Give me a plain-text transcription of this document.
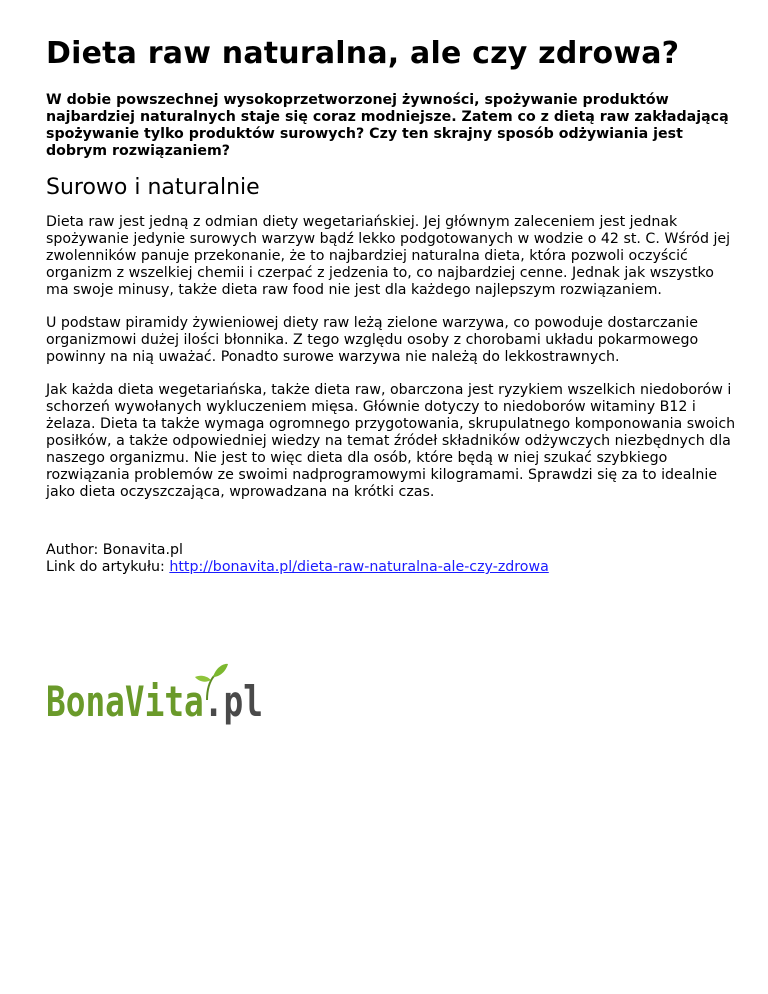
Dieta raw naturalna, ale czy zdrowa?

W dobie powszechnej wysokoprzetworzonej żywności, spożywanie produktów najbardziej naturalnych staje się coraz modniejsze. Zatem co z dietą raw zakładającą spożywanie tylko produktów surowych? Czy ten skrajny sposób odżywiania jest dobrym rozwiązaniem?

Surowo i naturalnie

Dieta raw jest jedną z odmian diety wegetariańskiej. Jej głównym zaleceniem jest jednak spożywanie jedynie surowych warzyw bądź lekko podgotowanych w wodzie o 42 st. C. Wśród jej zwolenników panuje przekonanie, że to najbardziej naturalna dieta, która pozwoli oczyścić organizm z wszelkiej chemii i czerpać z jedzenia to, co najbardziej cenne. Jednak jak wszystko ma swoje minusy, także dieta raw food nie jest dla każdego najlepszym rozwiązaniem.

U podstaw piramidy żywieniowej diety raw leżą zielone warzywa, co powoduje dostarczanie organizmowi dużej ilości błonnika. Z tego względu osoby z chorobami układu pokarmowego powinny na nią uważać. Ponadto surowe warzywa nie należą do lekkostrawnych.

Jak każda dieta wegetariańska, także dieta raw, obarczona jest ryzykiem wszelkich niedoborów i schorzeń wywołanych wykluczeniem mięsa. Głównie dotyczy to niedoborów witaminy B12 i żelaza. Dieta ta także wymaga ogromnego przygotowania, skrupulatnego komponowania swoich posiłków, a także odpowiedniej wiedzy na temat źródeł składników odżywczych niezbędnych dla naszego organizmu. Nie jest to więc dieta dla osób, które będą w niej szukać szybkiego rozwiązania problemów ze swoimi nadprogramowymi kilogramami. Sprawdzi się za to idealnie jako dieta oczyszczająca, wprowadzana na krótki czas.

Author: Bonavita.pl
Link do artykułu: http://bonavita.pl/dieta-raw-naturalna-ale-czy-zdrowa
BonaVita.pl
